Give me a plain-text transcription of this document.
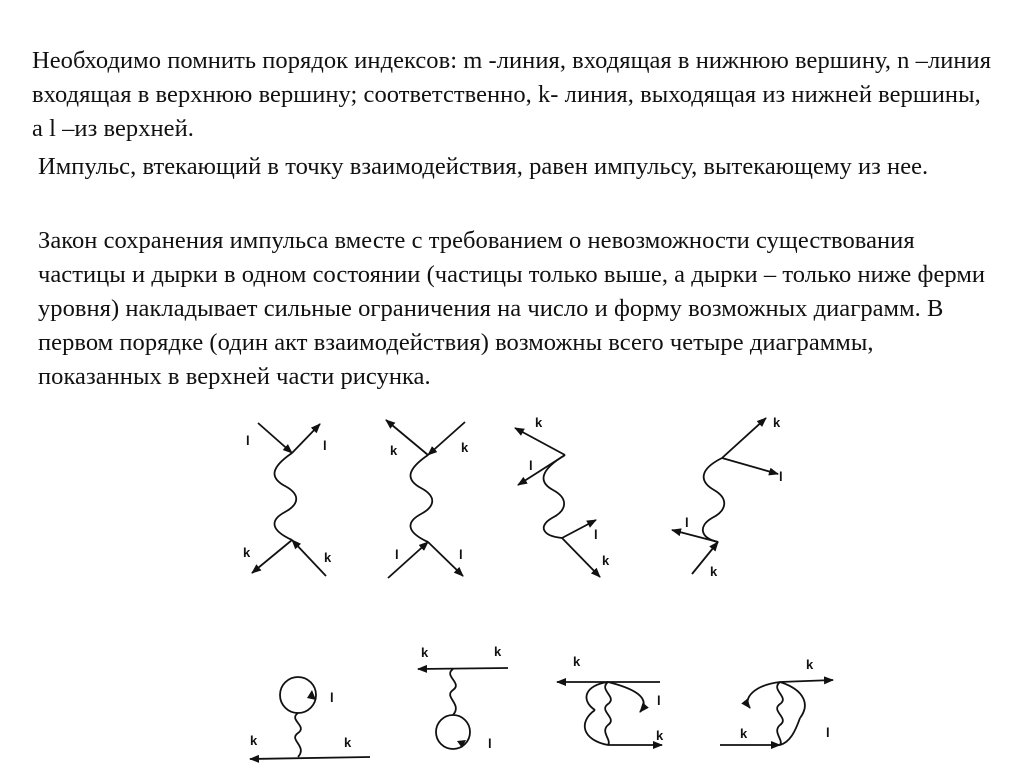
Необходимо помнить порядок индексов: m -линия, входящая в нижнюю вершину, n –линия входящая в верхнюю вершину; соответственно, k- линия, выходящая из нижней вершины, а l –из верхней.

Импульс, втекающий в точку взаимодействия, равен импульсу, вытекающему из нее.

Закон сохранения импульса вместе с требованием о невозможности существования частицы и дырки в одном состоянии (частицы только выше, а дырки – только ниже ферми уровня) накладывает сильные ограничения на число и форму возможных диаграмм. В первом порядке (один акт взаимодействия) возможны всего четыре диаграммы, показанных в верхней части рисунка.

l	l
k	k
k	k
l	l
k
l
l
k
k
l
l
k
l
k	k
k	k
l
k
l
k
k
k	l
